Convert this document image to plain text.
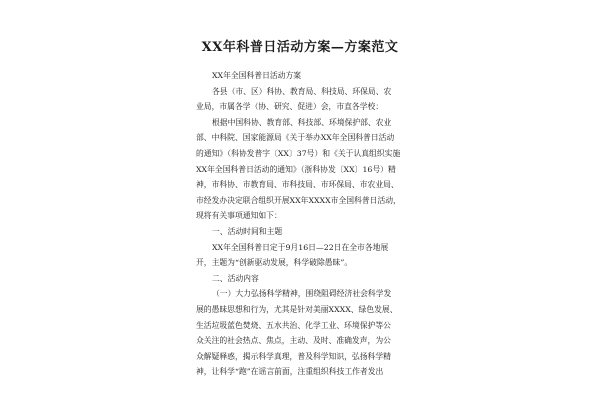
XX年科普日活动方案—方案范文
XX年全国科普日活动方案
各县（市、区）科协、教育局、科技局、环保局、农
业局，市属各学（协、研究、促进）会，市直各学校：
根据中国科协、教育部、科技部、环境保护部、农业
部、中科院、国家能源局《关于举办XX年全国科普日活动
的通知》（科协发普字〔XX〕37号）和《关于认真组织实施
XX年全国科普日活动的通知》（浙科协发〔XX〕16号）精
神，市科协、市教育局、市科技局、市环保局、市农业局、
市经发办决定联合组织开展XX年XXXX市全国科普日活动，
现将有关事项通知如下：
一、活动时间和主题
XX年全国科普日定于9月16日—22日在全市各地展
开，主题为“创新驱动发展，科学破除愚昧”。
二、活动内容
（一）大力弘扬科学精神，围绕阻碍经济社会科学发
展的愚昧思想和行为，尤其是针对美丽XXXX、绿色发展、
生活垃圾蓝色焚烧、五水共治、化学工业、环境保护等公
众关注的社会热点、焦点，主动、及时、准确发声，为公
众解疑释惑，揭示科学真理，普及科学知识，弘扬科学精
神，让科学“跑”在谣言前面，注重组织科技工作者发出
